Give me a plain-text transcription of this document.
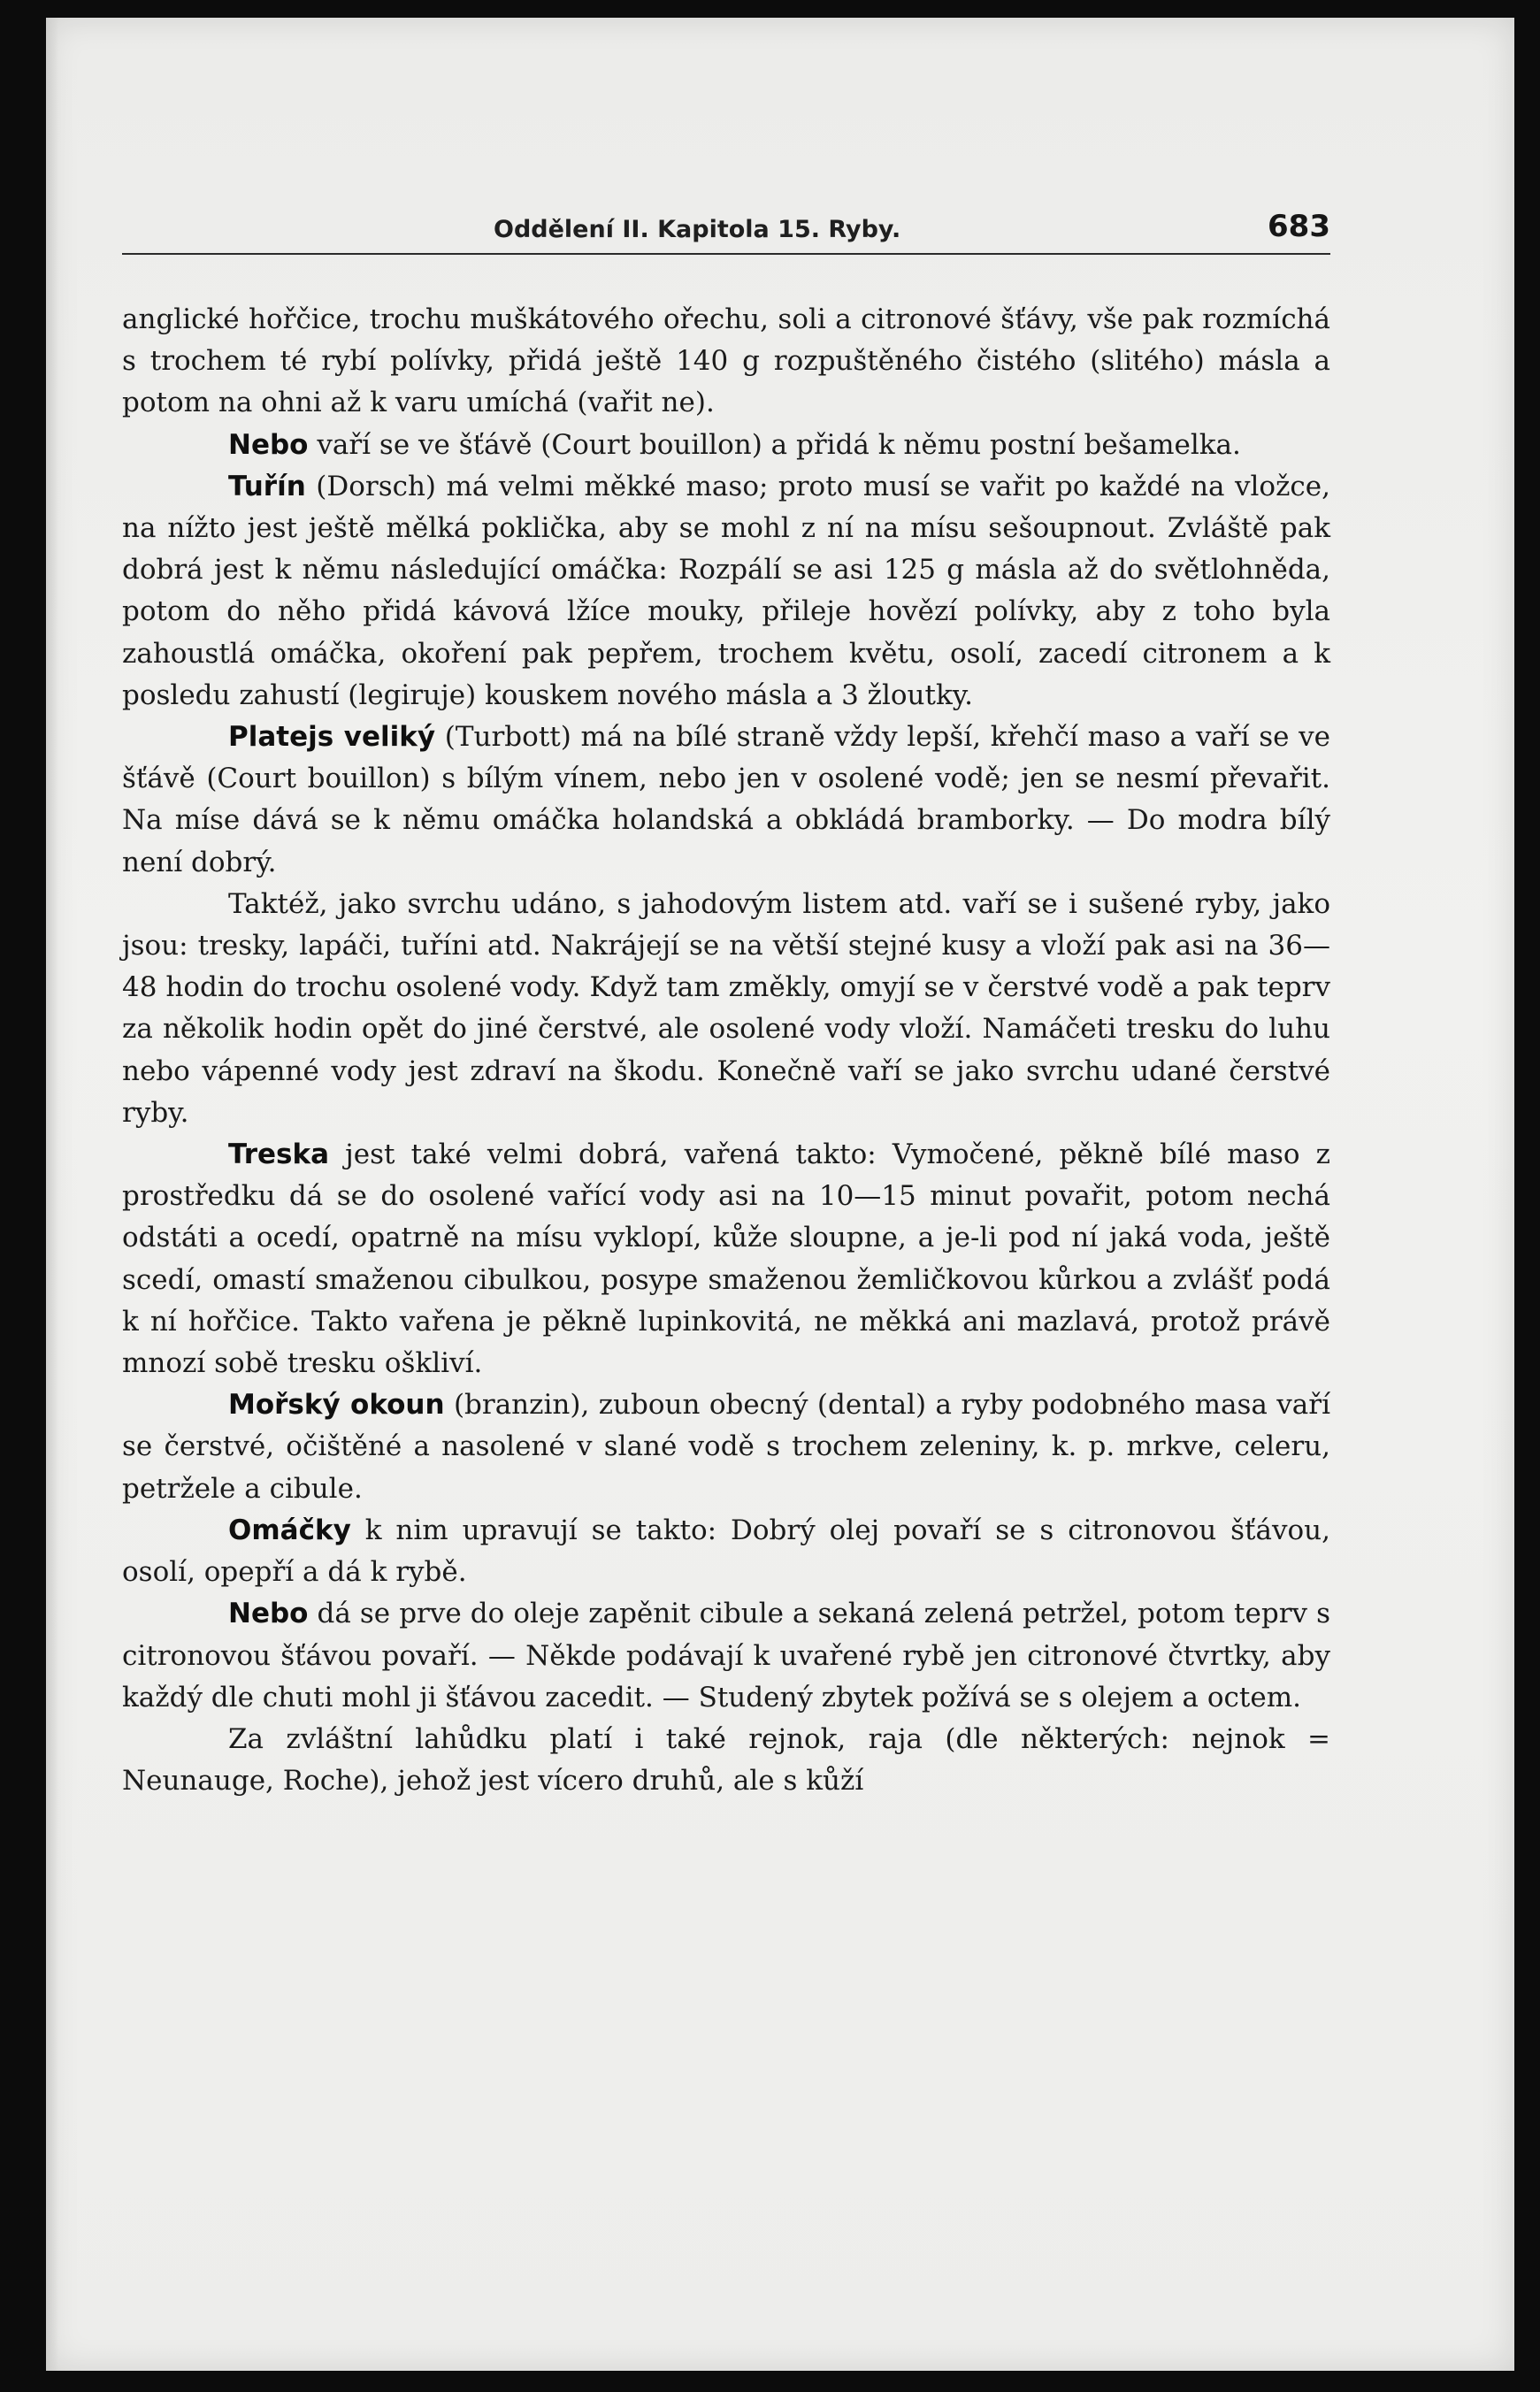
Oddělení II. Kapitola 15. Ryby.	683

anglické hořčice, trochu muškátového ořechu, soli a citronové šťávy, vše pak rozmíchá s trochem té rybí polívky, přidá ještě 140 g rozpuštěného čistého (slitého) másla a potom na ohni až k varu umíchá (vařit ne).

Nebo vaří se ve šťávě (Court bouillon) a přidá k němu postní bešamelka.

Tuřín (Dorsch) má velmi měkké maso; proto musí se vařit po každé na vložce, na nížto jest ještě mělká poklička, aby se mohl z ní na mísu sešoupnout. Zvláště pak dobrá jest k němu následující omáčka: Rozpálí se asi 125 g másla až do světlohněda, potom do něho přidá kávová lžíce mouky, přileje hovězí polívky, aby z toho byla zahoustlá omáčka, okoření pak pepřem, trochem květu, osolí, zacedí citronem a k posledu zahustí (legiruje) kouskem nového másla a 3 žloutky.

Platejs veliký (Turbott) má na bílé straně vždy lepší, křehčí maso a vaří se ve šťávě (Court bouillon) s bílým vínem, nebo jen v osolené vodě; jen se nesmí převařit. Na míse dává se k němu omáčka holandská a obkládá bramborky. — Do modra bílý není dobrý.

Taktéž, jako svrchu udáno, s jahodovým listem atd. vaří se i sušené ryby, jako jsou: tresky, lapáči, tuříni atd. Nakrájejí se na větší stejné kusy a vloží pak asi na 36—48 hodin do trochu osolené vody. Když tam změkly, omyjí se v čerstvé vodě a pak teprv za několik hodin opět do jiné čerstvé, ale osolené vody vloží. Namáčeti tresku do luhu nebo vápenné vody jest zdraví na škodu. Konečně vaří se jako svrchu udané čerstvé ryby.

Treska jest také velmi dobrá, vařená takto: Vymočené, pěkně bílé maso z prostředku dá se do osolené vařící vody asi na 10—15 minut povařit, potom nechá odstáti a ocedí, opatrně na mísu vyklopí, kůže sloupne, a je-li pod ní jaká voda, ještě scedí, omastí smaženou cibulkou, posype smaženou žemličkovou kůrkou a zvlášť podá k ní hořčice. Takto vařena je pěkně lupinkovitá, ne měkká ani mazlavá, protož právě mnozí sobě tresku oškliví.

Mořský okoun (branzin), zuboun obecný (dental) a ryby podobného masa vaří se čerstvé, očištěné a nasolené v slané vodě s trochem zeleniny, k. p. mrkve, celeru, petržele a cibule.

Omáčky k nim upravují se takto: Dobrý olej povaří se s citronovou šťávou, osolí, opepří a dá k rybě.

Nebo dá se prve do oleje zapěnit cibule a sekaná zelená petržel, potom teprv s citronovou šťávou povaří. — Někde podávají k uvařené rybě jen citronové čtvrtky, aby každý dle chuti mohl ji šťávou zacedit. — Studený zbytek požívá se s olejem a octem.

Za zvláštní lahůdku platí i také rejnok, raja (dle některých: nejnok = Neunauge, Roche), jehož jest vícero druhů, ale s kůží
